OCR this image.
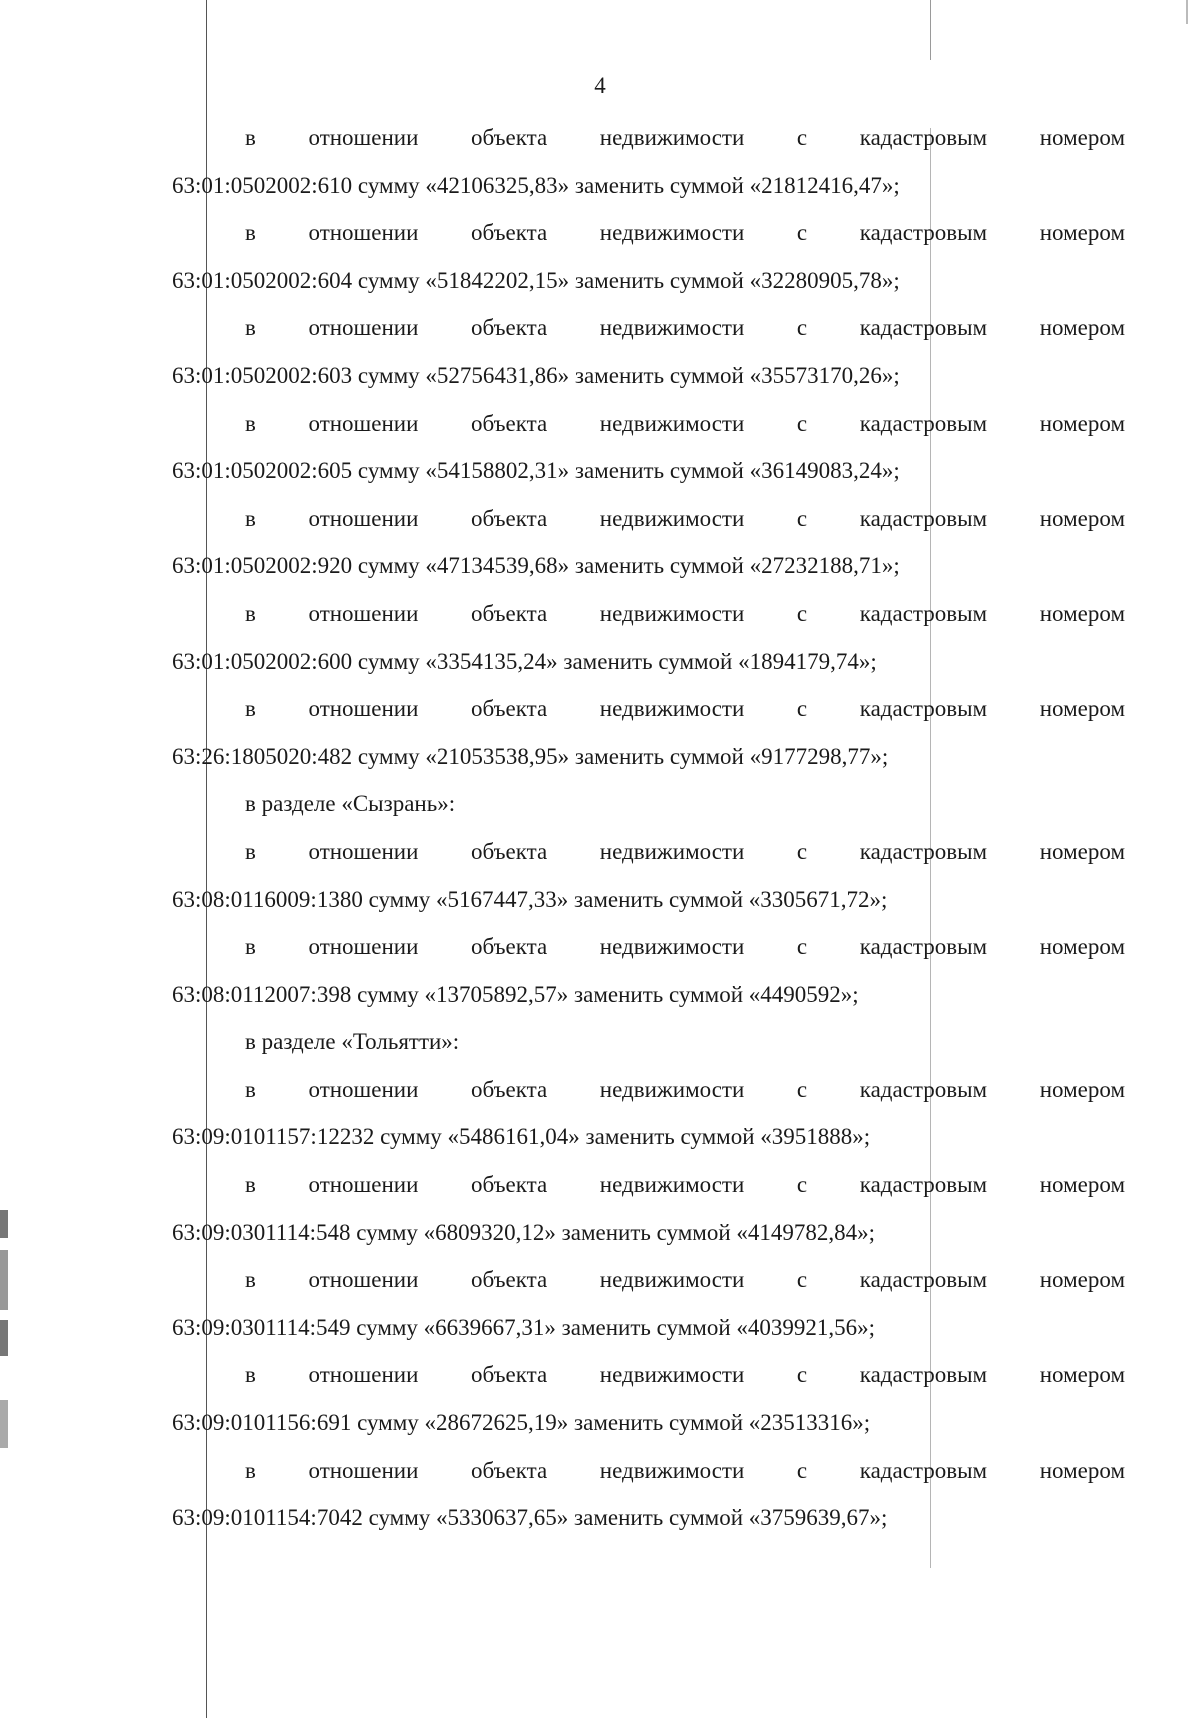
4
в отношении объекта недвижимости с кадастровым номером
63:01:0502002:610 сумму «42106325,83» заменить суммой «21812416,47»;
в отношении объекта недвижимости с кадастровым номером
63:01:0502002:604 сумму «51842202,15» заменить суммой «32280905,78»;
в отношении объекта недвижимости с кадастровым номером
63:01:0502002:603 сумму «52756431,86» заменить суммой «35573170,26»;
в отношении объекта недвижимости с кадастровым номером
63:01:0502002:605 сумму «54158802,31» заменить суммой «36149083,24»;
в отношении объекта недвижимости с кадастровым номером
63:01:0502002:920 сумму «47134539,68» заменить суммой «27232188,71»;
в отношении объекта недвижимости с кадастровым номером
63:01:0502002:600 сумму «3354135,24» заменить суммой «1894179,74»;
в отношении объекта недвижимости с кадастровым номером
63:26:1805020:482 сумму «21053538,95» заменить суммой «9177298,77»;
в разделе «Сызрань»:
в отношении объекта недвижимости с кадастровым номером
63:08:0116009:1380 сумму «5167447,33» заменить суммой «3305671,72»;
в отношении объекта недвижимости с кадастровым номером
63:08:0112007:398 сумму «13705892,57» заменить суммой «4490592»;
в разделе «Тольятти»:
в отношении объекта недвижимости с кадастровым номером
63:09:0101157:12232 сумму «5486161,04» заменить суммой «3951888»;
в отношении объекта недвижимости с кадастровым номером
63:09:0301114:548 сумму «6809320,12» заменить суммой «4149782,84»;
в отношении объекта недвижимости с кадастровым номером
63:09:0301114:549 сумму «6639667,31» заменить суммой «4039921,56»;
в отношении объекта недвижимости с кадастровым номером
63:09:0101156:691 сумму «28672625,19» заменить суммой «23513316»;
в отношении объекта недвижимости с кадастровым номером
63:09:0101154:7042 сумму «5330637,65» заменить суммой «3759639,67»;
